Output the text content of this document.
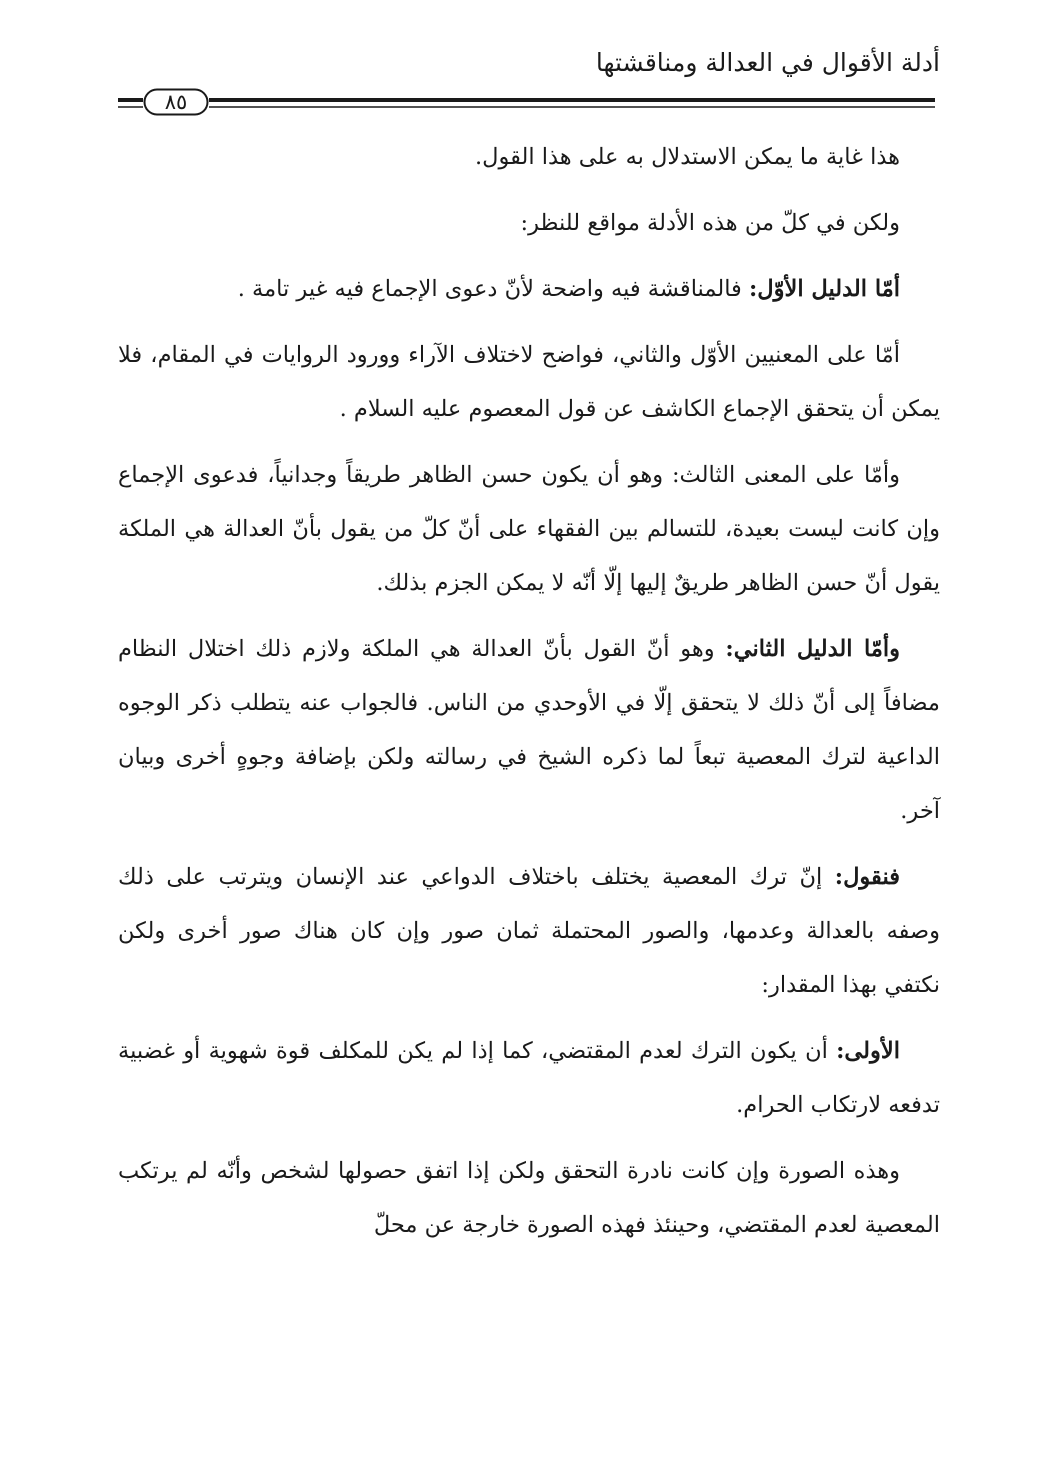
أدلة الأقوال في العدالة ومناقشتها
٨٥

هذا غاية ما يمكن الاستدلال به على هذا القول.

ولكن في كلّ من هذه الأدلة مواقع للنظر:

أمّا الدليل الأوّل: فالمناقشة فيه واضحة لأنّ دعوى الإجماع فيه غير تامة .

أمّا على المعنيين الأوّل والثاني، فواضح لاختلاف الآراء وورود الروايات في المقام، فلا يمكن أن يتحقق الإجماع الكاشف عن قول المعصوم عليه السلام .

وأمّا على المعنى الثالث: وهو أن يكون حسن الظاهر طريقاً وجدانياً، فدعوى الإجماع وإن كانت ليست بعيدة، للتسالم بين الفقهاء على أنّ كلّ من يقول بأنّ العدالة هي الملكة يقول أنّ حسن الظاهر طريقٌ إليها إلّا أنّه لا يمكن الجزم بذلك.

وأمّا الدليل الثاني: وهو أنّ القول بأنّ العدالة هي الملكة ولازم ذلك اختلال النظام مضافاً إلى أنّ ذلك لا يتحقق إلّا في الأوحدي من الناس. فالجواب عنه يتطلب ذكر الوجوه الداعية لترك المعصية تبعاً لما ذكره الشيخ في رسالته ولكن بإضافة وجوهٍ أخرى وبيان آخر.

فنقول: إنّ ترك المعصية يختلف باختلاف الدواعي عند الإنسان ويترتب على ذلك وصفه بالعدالة وعدمها، والصور المحتملة ثمان صور وإن كان هناك صور أخرى ولكن نكتفي بهذا المقدار:

الأولى: أن يكون الترك لعدم المقتضي، كما إذا لم يكن للمكلف قوة شهوية أو غضبية تدفعه لارتكاب الحرام.

وهذه الصورة وإن كانت نادرة التحقق ولكن إذا اتفق حصولها لشخص وأنّه لم يرتكب المعصية لعدم المقتضي، وحينئذ فهذه الصورة خارجة عن محلّ
